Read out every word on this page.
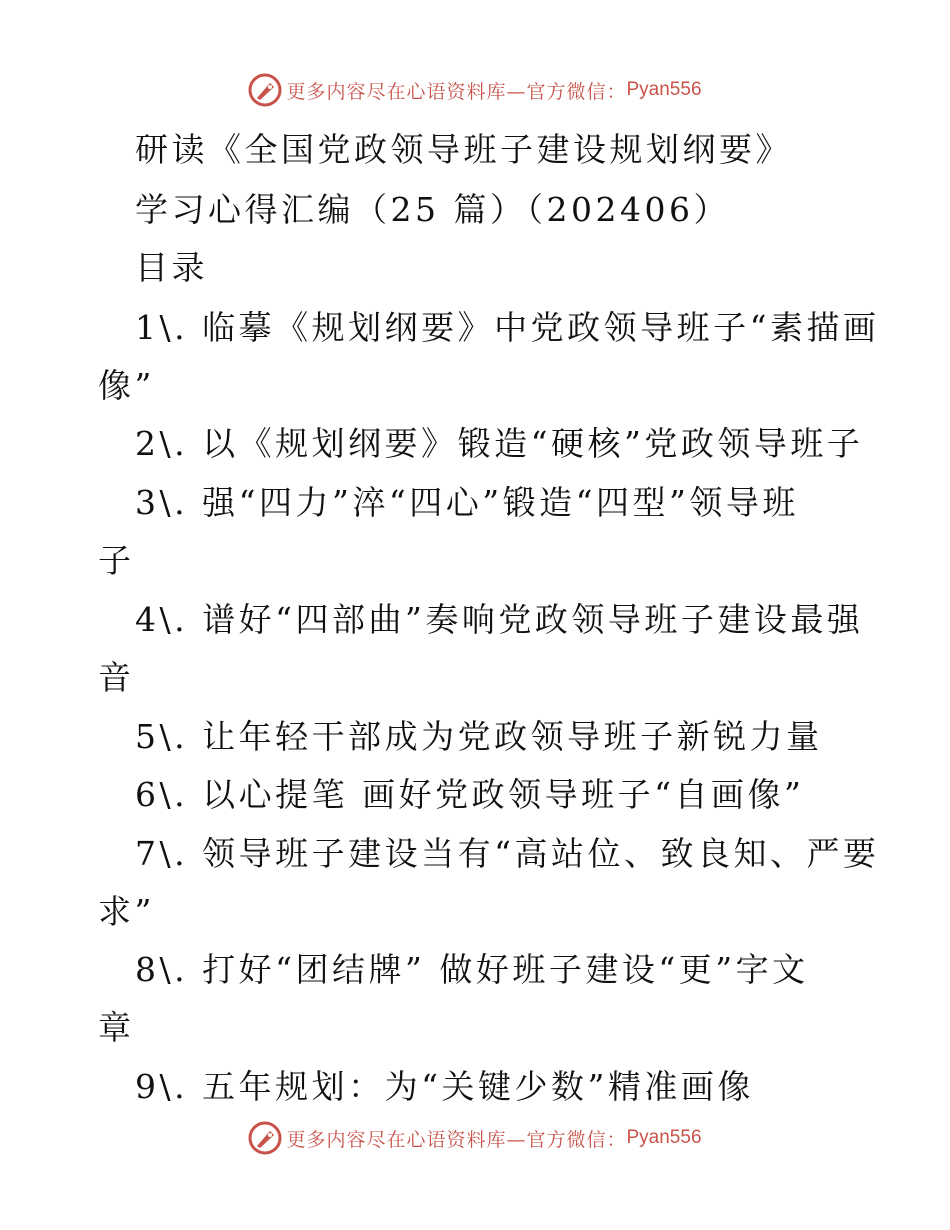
更多内容尽在心语资料库 —官方微信： Pyan556
研读《全国党政领导班子建设规划纲要》
学习心得汇编（25 篇）（202406）
目录
1\. 临摹《规划纲要》中党政领导班子“素描画
像”
2\. 以《规划纲要》锻造“硬核”党政领导班子
3\. 强“四力”淬“四心”锻造“四型”领导班
子
4\. 谱好“四部曲”奏响党政领导班子建设最强
音
5\. 让年轻干部成为党政领导班子新锐力量
6\. 以心提笔 画好党政领导班子“自画像”
7\. 领导班子建设当有“高站位、致良知、严要
求”
8\. 打好“团结牌” 做好班子建设“更”字文
章
9\. 五年规划：为“关键少数”精准画像
更多内容尽在心语资料库 —官方微信： Pyan556
